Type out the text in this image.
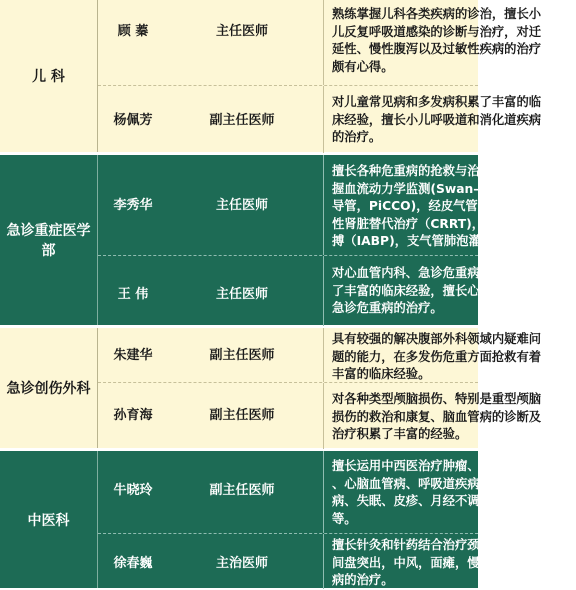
儿 科
顾 蓁	主任医师
熟练掌握儿科各类疾病的诊治，擅长小
儿反复呼吸道感染的诊断与治疗，对迁
延性、慢性腹泻以及过敏性疾病的治疗
颇有心得。
杨佩芳	副主任医师
对儿童常见病和多发病积累了丰富的临
床经验，擅长小儿呼吸道和消化道疾病
的治疗。
急诊重症医学部
李秀华	主任医师
擅长各种危重病的抢救与治疗，熟练掌
握血流动力学监测(Swan—Ganz气囊漂浮
导管，PiCCO)，经皮气管切开术，连续
性肾脏替代治疗（CRRT)，主动脉球囊反
搏（IABP)，支气管肺泡灌洗等技术。
王 伟	主任医师
对心血管内科、急诊危重病等疾病积累
了丰富的临床经验，擅长心血管内科、
急诊危重病的治疗。
急诊创伤外科
朱建华	副主任医师
具有较强的解决腹部外科领域内疑难问
题的能力，在多发伤危重方面抢救有着
丰富的临床经验。
孙育海	副主任医师
对各种类型颅脑损伤、特别是重型颅脑
损伤的救治和康复、脑血管病的诊断及
治疗积累了丰富的经验。
中医科
牛晓玲	副主任医师
擅长运用中西医治疗肿瘤、胃肠肝胆病
、心脑血管病、呼吸道疾病、代谢性疾
病、失眠、皮疹、月经不调、各种虚症
等。
徐春巍	主治医师
擅长针灸和针药结合治疗颈椎病，腰椎
间盘突出，中风，面瘫，慢性胃炎等疾
病的治疗。
